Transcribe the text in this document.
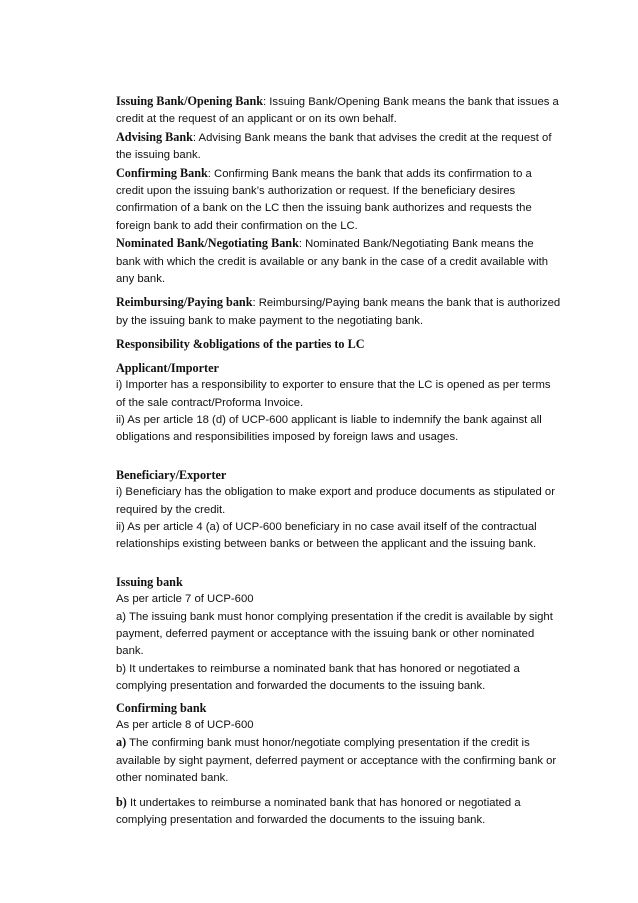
Issuing Bank/Opening Bank: Issuing Bank/Opening Bank means the bank that issues a credit at the request of an applicant or on its own behalf.

Advising Bank: Advising Bank means the bank that advises the credit at the request of the issuing bank.

Confirming Bank: Confirming Bank means the bank that adds its confirmation to a credit upon the issuing bank’s authorization or request. If the beneficiary desires confirmation of a bank on the LC then the issuing bank authorizes and requests the foreign bank to add their confirmation on the LC.

Nominated Bank/Negotiating Bank: Nominated Bank/Negotiating Bank means the bank with which the credit is available or any bank in the case of a credit available with any bank.

Reimbursing/Paying bank: Reimbursing/Paying bank means the bank that is authorized by the issuing bank to make payment to the negotiating bank.

Responsibility &obligations of the parties to LC

Applicant/Importer

i) Importer has a responsibility to exporter to ensure that the LC is opened as per terms of the sale contract/Proforma Invoice.

ii) As per article 18 (d) of UCP-600 applicant is liable to indemnify the bank against all obligations and responsibilities imposed by foreign laws and usages.

Beneficiary/Exporter

i) Beneficiary has the obligation to make export and produce documents as stipulated or required by the credit.

ii) As per article 4 (a) of UCP-600 beneficiary in no case avail itself of the contractual relationships existing between banks or between the applicant and the issuing bank.

Issuing bank

As per article 7 of UCP-600

a) The issuing bank must honor complying presentation if the credit is available by sight payment, deferred payment or acceptance with the issuing bank or other nominated bank.

b) It undertakes to reimburse a nominated bank that has honored or negotiated a complying presentation and forwarded the documents to the issuing bank.

Confirming bank

As per article 8 of UCP-600

a) The confirming bank must honor/negotiate complying presentation if the credit is available by sight payment, deferred payment or acceptance with the confirming bank or other nominated bank.

b) It undertakes to reimburse a nominated bank that has honored or negotiated a complying presentation and forwarded the documents to the issuing bank.
